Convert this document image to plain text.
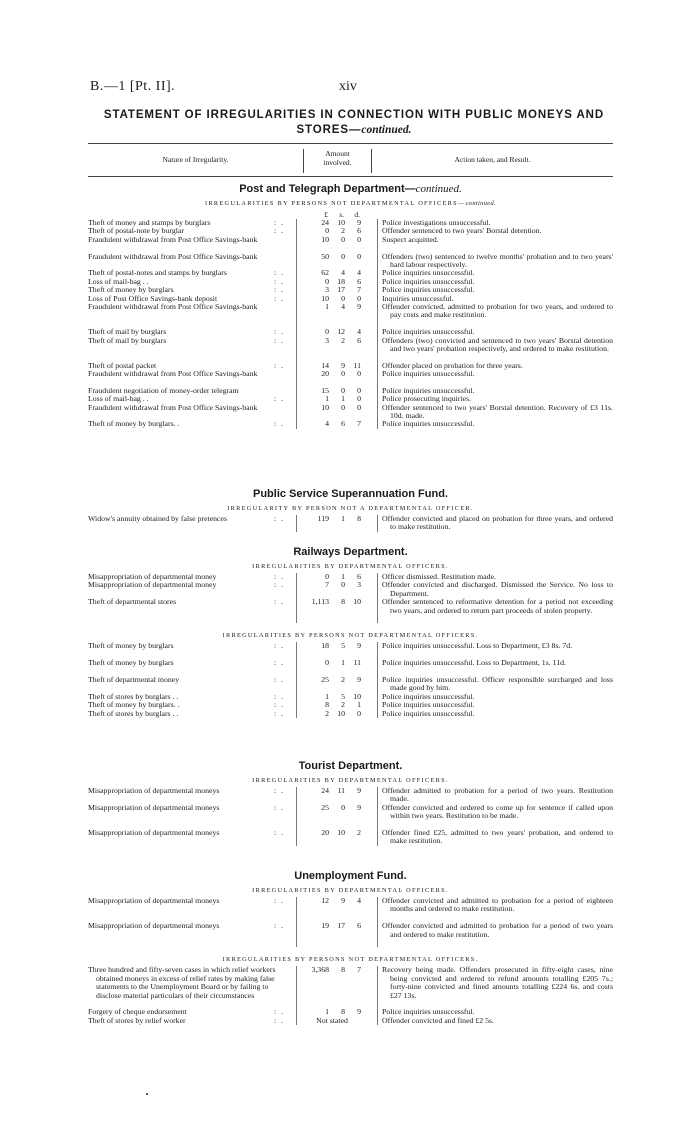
B.—1 [Pt. II].	xiv
STATEMENT OF IRREGULARITIES IN CONNECTION WITH PUBLIC MONEYS AND
STORES—continued.
Nature of Irregularity.
Amount
involved.	Action taken, and Result.
Post and Telegraph Department—continued.
IRREGULARITIES BY PERSONS NOT DEPARTMENTAL OFFICERS—continued.
£	s.	d.
Theft of money and stamps by burglars	: .	24	10	9	Police investigations unsuccessful.
Theft of postal-note by burglar	: .	0	2	6	Offender sentenced to two years' Borstal detention.
Fraudulent withdrawal from Post Office Savings-bank	10	0	0	Suspect acquitted.
Fraudulent withdrawal from Post Office Savings-bank	50	0	0	Offenders (two) sentenced to twelve months' probation and to two years' hard labour respectively.
Theft of postal-notes and stamps by burglars	: .	62	4	4	Police inquiries unsuccessful.
Loss of mail-bag . .	: .	0	18	6	Police inquiries unsuccessful.
Theft of money by burglars	: .	3	17	7	Police inquiries unsuccessful.
Loss of Post Office Savings-bank deposit	: .	10	0	0	Inquiries unsuccessful.
Fraudulent withdrawal from Post Office Savings-bank	1	4	9	Offender convicted, admitted to probation for two years, and ordered to pay costs and make restitution.
Theft of mail by burglars	: .	0	12	4	Police inquiries unsuccessful.
Theft of mail by burglars	: .	3	2	6	Offenders (two) convicted and sentenced to two years' Borstal detention and two years' probation respectively, and ordered to make restitution.
Theft of postal packet	: .	14	9	11	Offender placed on probation for three years.
Fraudulent withdrawal from Post Office Savings-bank	20	0	0	Police inquiries unsuccessful.
Fraudulent negotiation of money-order telegram	15	0	0	Police inquiries unsuccessful.
Loss of mail-bag . .	: .	1	1	0	Police prosecuting inquiries.
Fraudulent withdrawal from Post Office Savings-bank	10	0	0	Offender sentenced to two years' Borstal detention. Recovery of £3 11s. 10d. made.
Theft of money by burglars. .	: .	4	6	7	Police inquiries unsuccessful.
Public Service Superannuation Fund.
IRREGULARITY BY PERSON NOT A DEPARTMENTAL OFFICER.
Widow's annuity obtained by false pretences	: .	119	1	8	Offender convicted and placed on probation for three years, and ordered to make restitution.
Railways Department.
IRREGULARITIES BY DEPARTMENTAL OFFICERS.
Misappropriation of departmental money	: .	0	1	6	Officer dismissed. Restitution made.
Misappropriation of departmental money	: .	7	0	3	Offender convicted and discharged. Dismissed the Service. No loss to Department.
Theft of departmental stores	: .	1,113	8	10	Offender sentenced to reformative detention for a period not exceeding two years, and ordered to return part proceeds of stolen property.
IRREGULARITIES BY PERSONS NOT DEPARTMENTAL OFFICERS.
Theft of money by burglars	: .	18	5	9	Police inquiries unsuccessful. Loss to Department, £3 8s. 7d.
Theft of money by burglars	: .	0	1	11	Police inquiries unsuccessful. Loss to Department, 1s. 11d.
Theft of departmental money	: .	25	2	9	Police inquiries unsuccessful. Officer responsible surcharged and loss made good by him.
Theft of stores by burglars . .	: .	1	5	10	Police inquiries unsuccessful.
Theft of money by burglars. .	: .	8	2	1	Police inquiries unsuccessful.
Theft of stores by burglars . .	: .	2	10	0	Police inquiries unsuccessful.
Tourist Department.
IRREGULARITIES BY DEPARTMENTAL OFFICERS.
Misappropriation of departmental moneys	: .	24	11	9	Offender admitted to probation for a period of two years. Restitution made.
Misappropriation of departmental moneys	: .	25	0	9	Offender convicted and ordered to come up for sentence if called upon within two years. Restitution to be made.
Misappropriation of departmental moneys	: .	20	10	2	Offender fined £25, admitted to two years' probation, and ordered to make restitution.
Unemployment Fund.
IRREGULARITIES BY DEPARTMENTAL OFFICERS.
Misappropriation of departmental moneys	: .	12	9	4	Offender convicted and admitted to probation for a period of eighteen months and ordered to make restitution.
Misappropriation of departmental moneys	: .	19	17	6	Offender convicted and admitted to probation for a period of two years and ordered to make restitution.
IRREGULARITIES BY PERSONS NOT DEPARTMENTAL OFFICERS.
Three hundred and fifty-seven cases in which relief workers obtained moneys in excess of relief rates by making false statements to the Unemployment Board or by failing to disclose material particulars of their circumstances
3,368	8	7	Recovery being made. Offenders prosecuted in fifty-eight cases, nine being convicted and ordered to refund amounts totalling £205 7s.; forty-nine convicted and fined amounts totalling £224 6s. and costs £27 13s.
Forgery of cheque endorsement	: .	1	8	9	Police inquiries unsuccessful.
Theft of stores by relief worker	: .	Not stated	Offender convicted and fined £2 5s.
